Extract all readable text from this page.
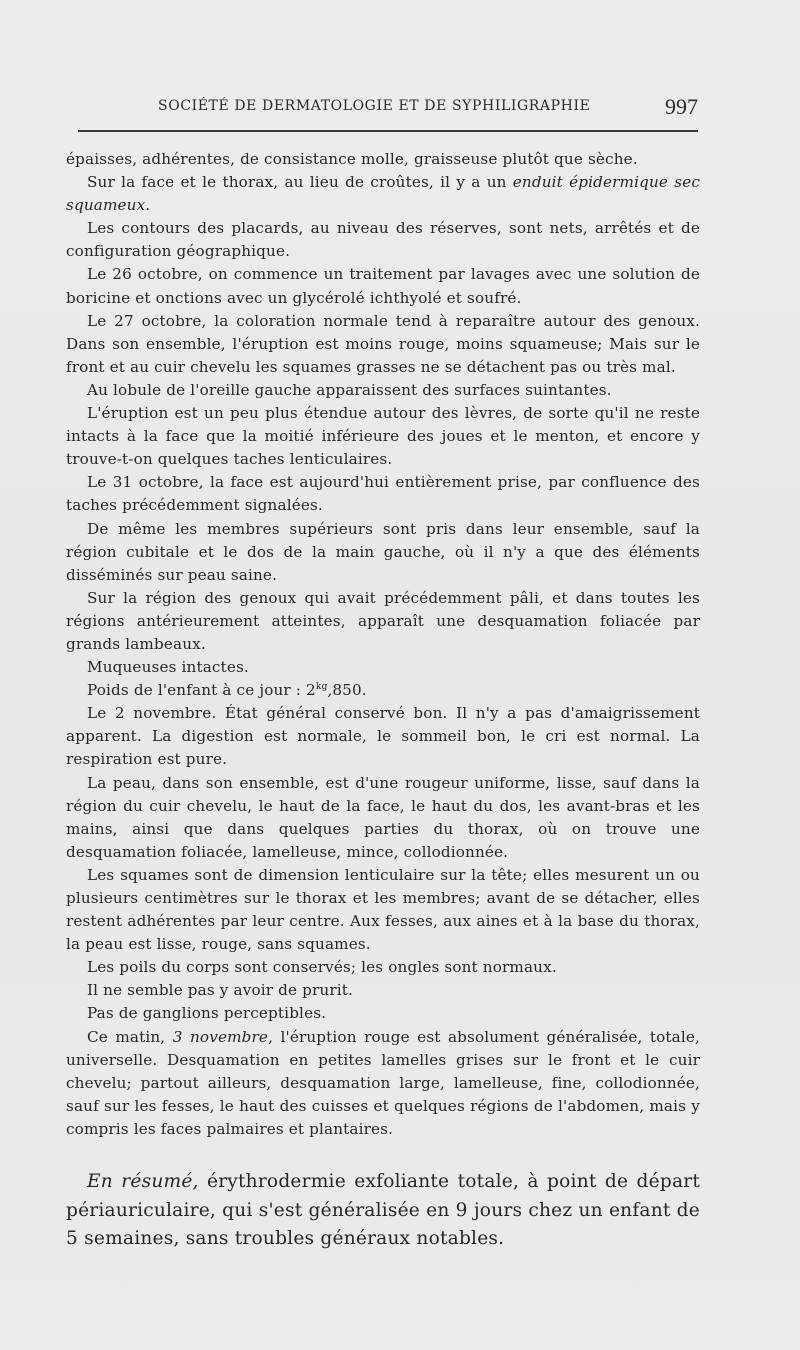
SOCIÉTÉ DE DERMATOLOGIE ET DE SYPHILIGRAPHIE	997

épaisses, adhérentes, de consistance molle, graisseuse plutôt que sèche.

Sur la face et le thorax, au lieu de croûtes, il y a un enduit épidermique sec squameux.

Les contours des placards, au niveau des réserves, sont nets, arrêtés et de configuration géographique.

Le 26 octobre, on commence un traitement par lavages avec une solution de boricine et onctions avec un glycérolé ichthyolé et soufré.

Le 27 octobre, la coloration normale tend à reparaître autour des genoux. Dans son ensemble, l'éruption est moins rouge, moins squameuse; Mais sur le front et au cuir chevelu les squames grasses ne se détachent pas ou très mal.

Au lobule de l'oreille gauche apparaissent des surfaces suintantes.

L'éruption est un peu plus étendue autour des lèvres, de sorte qu'il ne reste intacts à la face que la moitié inférieure des joues et le menton, et encore y trouve-t-on quelques taches lenticulaires.

Le 31 octobre, la face est aujourd'hui entièrement prise, par confluence des taches précédemment signalées.

De même les membres supérieurs sont pris dans leur ensemble, sauf la région cubitale et le dos de la main gauche, où il n'y a que des éléments disséminés sur peau saine.

Sur la région des genoux qui avait précédemment pâli, et dans toutes les régions antérieurement atteintes, apparaît une desquamation foliacée par grands lambeaux.

Muqueuses intactes.

Poids de l'enfant à ce jour : $2^{kg},850$.

Le 2 novembre. État général conservé bon. Il n'y a pas d'amaigrissement apparent. La digestion est normale, le sommeil bon, le cri est normal. La respiration est pure.

La peau, dans son ensemble, est d'une rougeur uniforme, lisse, sauf dans la région du cuir chevelu, le haut de la face, le haut du dos, les avant-bras et les mains, ainsi que dans quelques parties du thorax, où on trouve une desquamation foliacée, lamelleuse, mince, collodionnée.

Les squames sont de dimension lenticulaire sur la tête; elles mesurent un ou plusieurs centimètres sur le thorax et les membres; avant de se détacher, elles restent adhérentes par leur centre. Aux fesses, aux aines et à la base du thorax, la peau est lisse, rouge, sans squames.

Les poils du corps sont conservés; les ongles sont normaux.

Il ne semble pas y avoir de prurit.

Pas de ganglions perceptibles.

Ce matin, 3 novembre, l'éruption rouge est absolument généralisée, totale, universelle. Desquamation en petites lamelles grises sur le front et le cuir chevelu; partout ailleurs, desquamation large, lamelleuse, fine, collodionnée, sauf sur les fesses, le haut des cuisses et quelques régions de l'abdomen, mais y compris les faces palmaires et plantaires.

En résumé, érythrodermie exfoliante totale, à point de départ périauriculaire, qui s'est généralisée en 9 jours chez un enfant de 5 semaines, sans troubles généraux notables.
